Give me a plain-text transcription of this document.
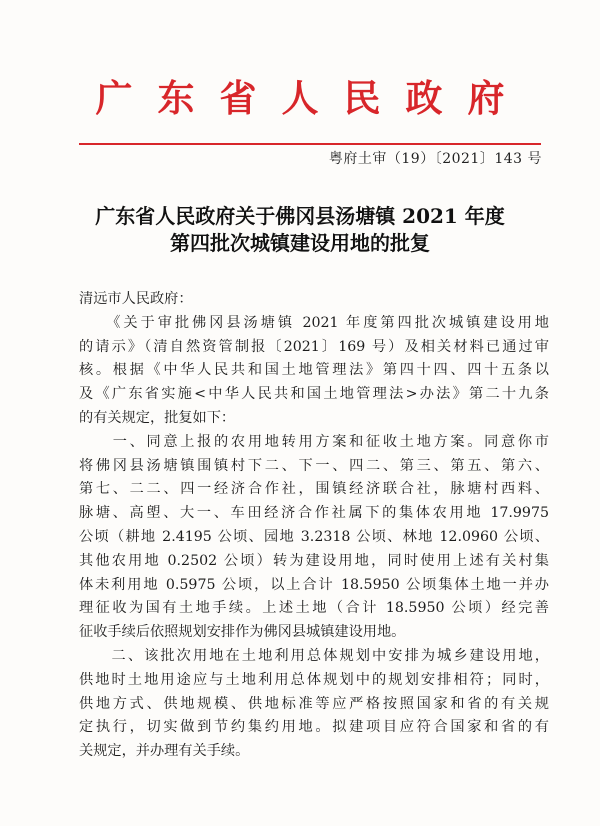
广东省人民政府
粤府土审（19）〔2021〕143 号
广东省人民政府关于佛冈县汤塘镇 2021 年度
第四批次城镇建设用地的批复
清远市人民政府：
　　《关于审批佛冈县汤塘镇 2021 年度第四批次城镇建设用地
的请示》（清自然资管制报〔2021〕169 号）及相关材料已通过审
核。根据《中华人民共和国土地管理法》第四十四、四十五条以
及《广东省实施<中华人民共和国土地管理法>办法》第二十九条
的有关规定，批复如下：
　　一、同意上报的农用地转用方案和征收土地方案。同意你市
将佛冈县汤塘镇围镇村下二、下一、四二、第三、第五、第六、
第七、二二、四一经济合作社，围镇经济联合社，脉塘村西料、
脉塘、高塱、大一、车田经济合作社属下的集体农用地 17.9975
公顷（耕地 2.4195 公顷、园地 3.2318 公顷、林地 12.0960 公顷、
其他农用地 0.2502 公顷）转为建设用地，同时使用上述有关村集
体未利用地 0.5975 公顷，以上合计 18.5950 公顷集体土地一并办
理征收为国有土地手续。上述土地（合计 18.5950 公顷）经完善
征收手续后依照规划安排作为佛冈县城镇建设用地。
　　二、该批次用地在土地利用总体规划中安排为城乡建设用地，
供地时土地用途应与土地利用总体规划中的规划安排相符；同时，
供地方式、供地规模、供地标准等应严格按照国家和省的有关规
定执行，切实做到节约集约用地。拟建项目应符合国家和省的有
关规定，并办理有关手续。
